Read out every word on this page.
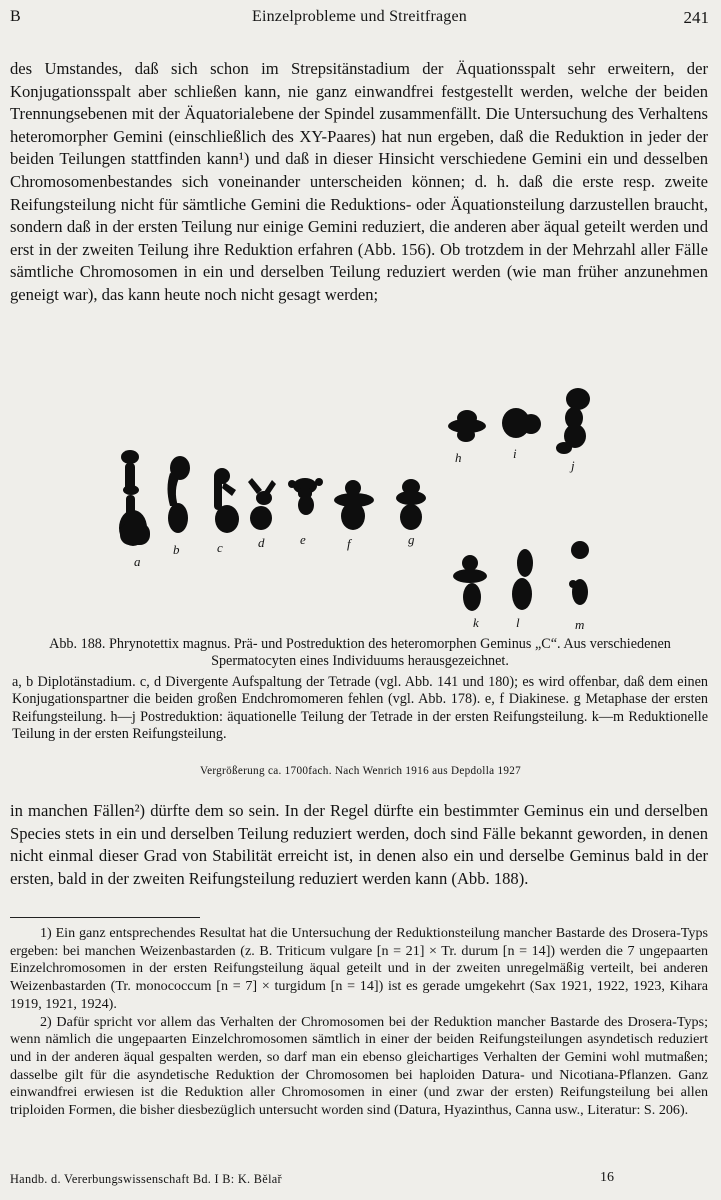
B	Einzelprobleme und Streitfragen	241
des Umstandes, daß sich schon im Strepsitänstadium der Äquationsspalt sehr erweitern, der Konjugationsspalt aber schließen kann, nie ganz einwandfrei festgestellt werden, welche der beiden Trennungsebenen mit der Äquatorialebene der Spindel zusammenfällt. Die Untersuchung des Verhaltens heteromorpher Gemini (einschließlich des XY-Paares) hat nun ergeben, daß die Reduktion in jeder der beiden Teilungen stattfinden kann¹) und daß in dieser Hinsicht verschiedene Gemini ein und desselben Chromosomenbestandes sich voneinander unterscheiden können; d. h. daß die erste resp. zweite Reifungsteilung nicht für sämtliche Gemini die Reduktions- oder Äquationsteilung darzustellen braucht, sondern daß in der ersten Teilung nur einige Gemini reduziert, die anderen aber äqual geteilt werden und erst in der zweiten Teilung ihre Reduktion erfahren (Abb. 156). Ob trotzdem in der Mehrzahl aller Fälle sämtliche Chromosomen in ein und derselben Teilung reduziert werden (wie man früher anzunehmen geneigt war), das kann heute noch nicht gesagt werden;
a
b	c	d	e	f	g
h	i
j
k	l	m
Abb. 188. Phrynotettix magnus. Prä- und Postreduktion des heteromorphen Geminus „C“. Aus verschiedenen Spermatocyten eines Individuums herausgezeichnet.
a, b Diplotänstadium. c, d Divergente Aufspaltung der Tetrade (vgl. Abb. 141 und 180); es wird offenbar, daß dem einen Konjugationspartner die beiden großen Endchromomeren fehlen (vgl. Abb. 178). e, f Diakinese. g Metaphase der ersten Reifungsteilung. h—j Postreduktion: äquationelle Teilung der Tetrade in der ersten Reifungsteilung. k—m Reduktionelle Teilung in der ersten Reifungsteilung.
Vergrößerung ca. 1700fach. Nach Wenrich 1916 aus Depdolla 1927
in manchen Fällen²) dürfte dem so sein. In der Regel dürfte ein bestimmter Geminus ein und derselben Species stets in ein und derselben Teilung reduziert werden, doch sind Fälle bekannt geworden, in denen nicht einmal dieser Grad von Stabilität erreicht ist, in denen also ein und derselbe Geminus bald in der ersten, bald in der zweiten Reifungsteilung reduziert werden kann (Abb. 188).

1) Ein ganz entsprechendes Resultat hat die Untersuchung der Reduktionsteilung mancher Bastarde des Drosera-Typs ergeben: bei manchen Weizenbastarden (z. B. Triticum vulgare [n = 21] × Tr. durum [n = 14]) werden die 7 ungepaarten Einzelchromosomen in der ersten Reifungsteilung äqual geteilt und in der zweiten unregelmäßig verteilt, bei anderen Weizenbastarden (Tr. monococcum [n = 7] × turgidum [n = 14]) ist es gerade umgekehrt (Sax 1921, 1922, 1923, Kihara 1919, 1921, 1924).

2) Dafür spricht vor allem das Verhalten der Chromosomen bei der Reduktion mancher Bastarde des Drosera-Typs; wenn nämlich die ungepaarten Einzelchromosomen sämtlich in einer der beiden Reifungsteilungen asyndetisch reduziert und in der anderen äqual gespalten werden, so darf man ein ebenso gleichartiges Verhalten der Gemini wohl mutmaßen; dasselbe gilt für die asyndetische Reduktion der Chromosomen bei haploiden Datura- und Nicotiana-Pflanzen. Ganz einwandfrei erwiesen ist die Reduktion aller Chromosomen in einer (und zwar der ersten) Reifungsteilung bei allen triploiden Formen, die bisher diesbezüglich untersucht worden sind (Datura, Hyazinthus, Canna usw., Literatur: S. 206).

Handb. d. Vererbungswissenschaft Bd. I B: K. Bělař	16
